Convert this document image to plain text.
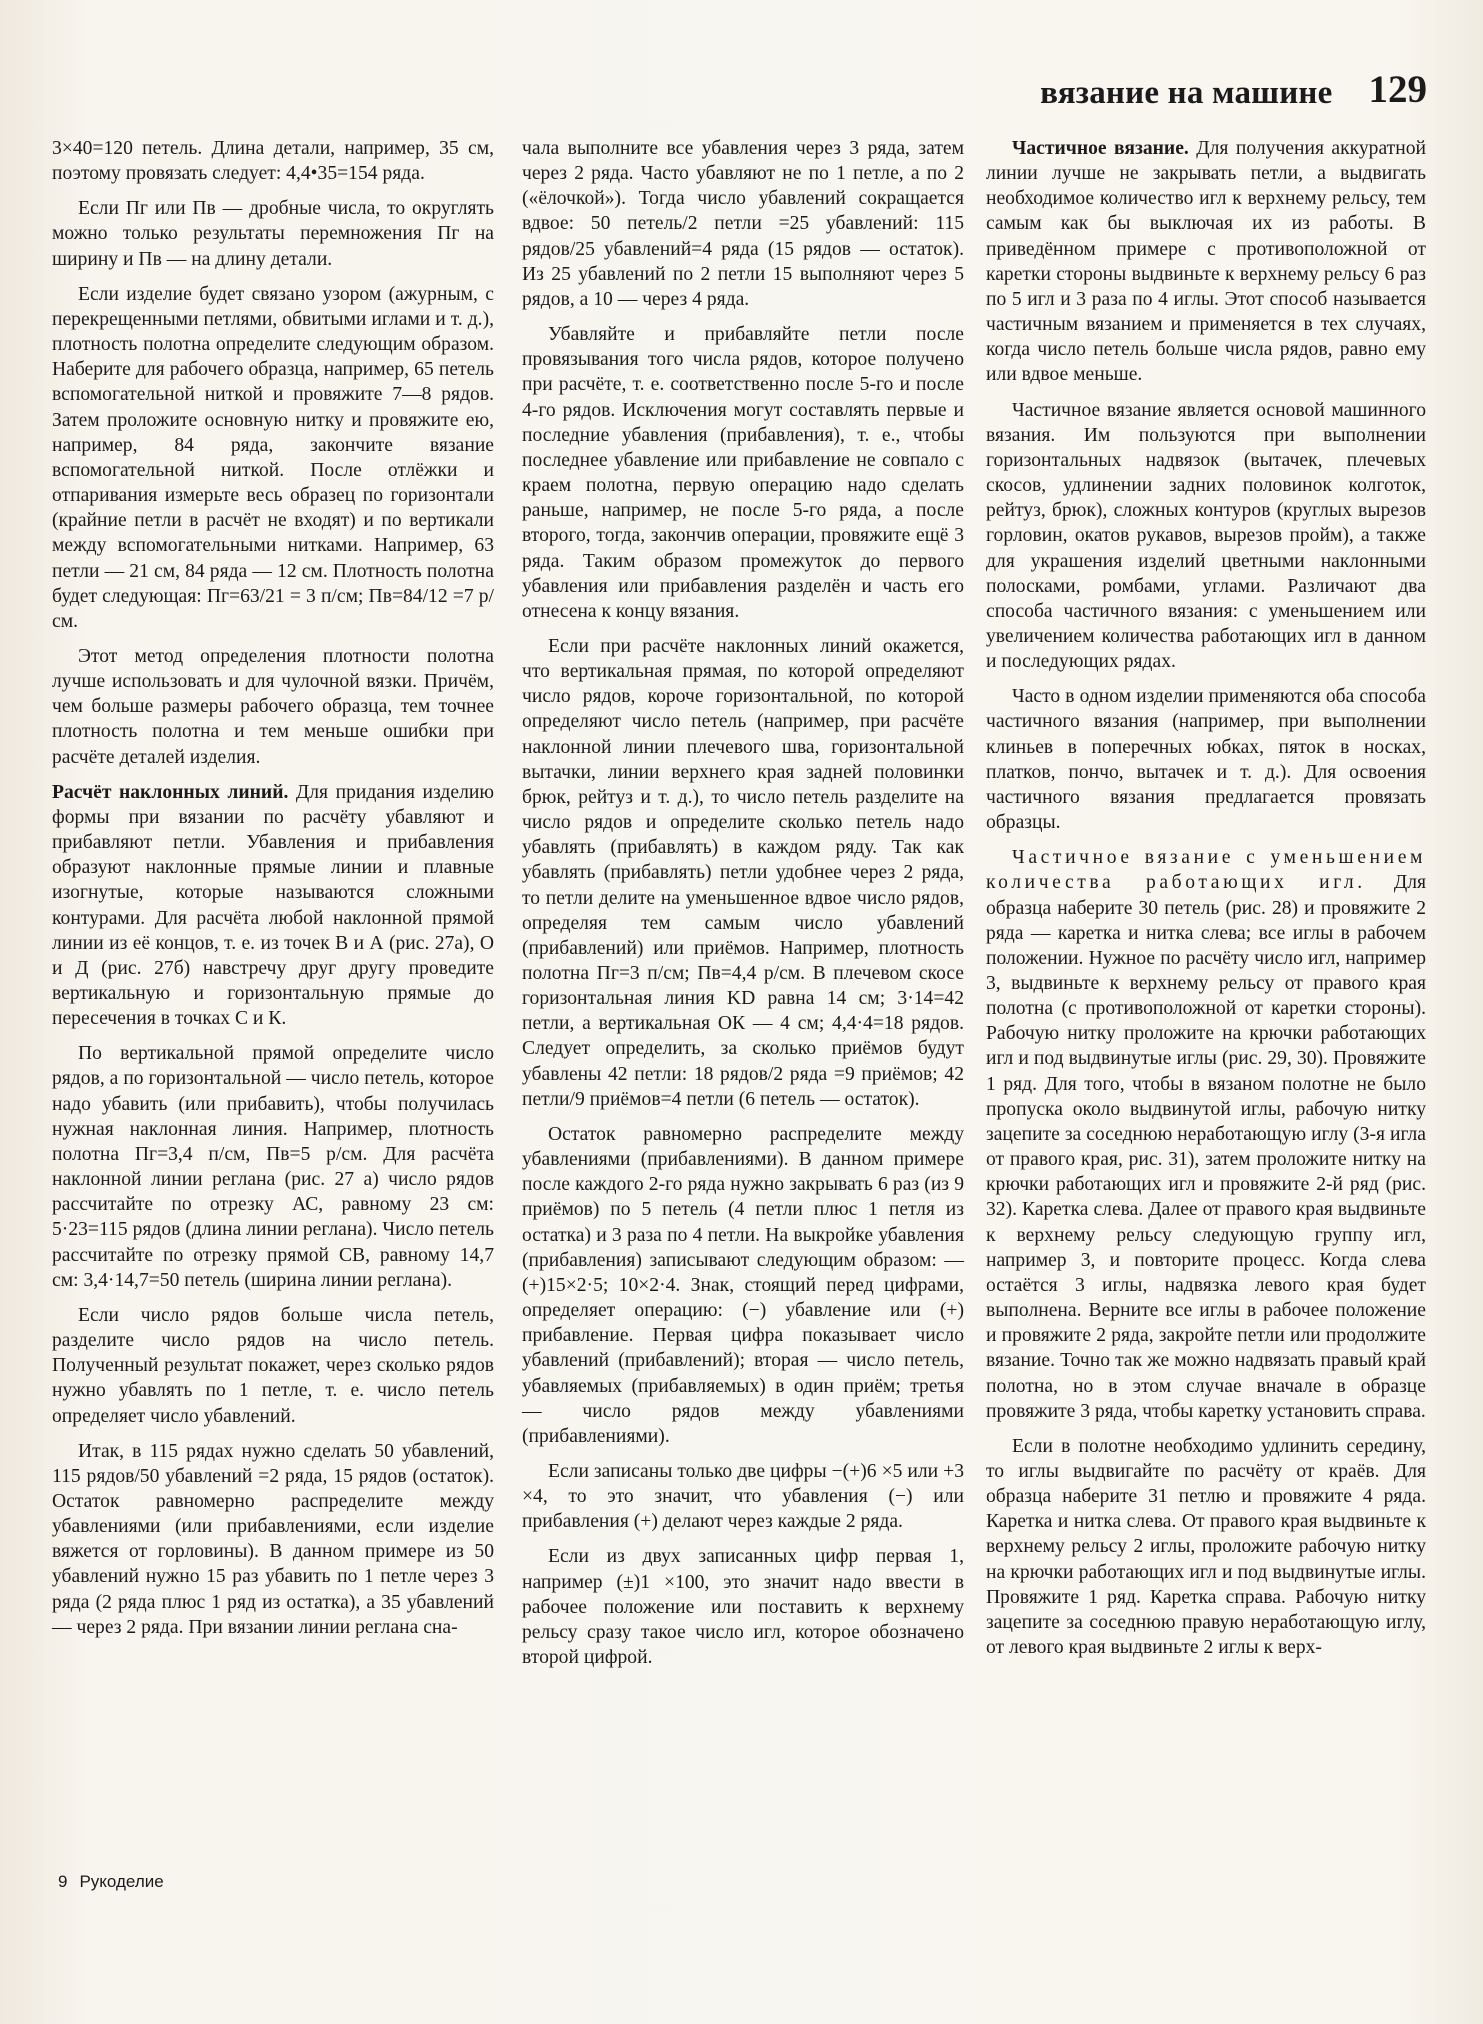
вязание на машине 129

3×40=120 петель. Длина детали, например, 35 см, поэтому провязать следует: 4,4•35=154 ряда.

Если Пг или Пв — дробные числа, то округлять можно только результаты перемножения Пг на ширину и Пв — на длину детали.

Если изделие будет связано узором (ажурным, с перекрещенными петлями, обвитыми иглами и т. д.), плотность полотна определите следующим образом. Наберите для рабочего образца, например, 65 петель вспомогательной ниткой и провяжите 7—8 рядов. Затем проложите основную нитку и провяжите ею, например, 84 ряда, закончите вязание вспомогательной ниткой. После отлёжки и отпаривания измерьте весь образец по горизонтали (крайние петли в расчёт не входят) и по вертикали между вспомогательными нитками. Например, 63 петли — 21 см, 84 ряда — 12 см. Плотность полотна будет следующая: Пг=63/21 = 3 п/см; Пв=84/12 =7 р/см.

Этот метод определения плотности полотна лучше использовать и для чулочной вязки. Причём, чем больше размеры рабочего образца, тем точнее плотность полотна и тем меньше ошибки при расчёте деталей изделия.

Расчёт наклонных линий. Для придания изделию формы при вязании по расчёту убавляют и прибавляют петли. Убавления и прибавления образуют наклонные прямые линии и плавные изогнутые, которые называются сложными контурами. Для расчёта любой наклонной прямой линии из её концов, т. е. из точек В и А (рис. 27а), О и Д (рис. 27б) навстречу друг другу проведите вертикальную и горизонтальную прямые до пересечения в точках С и К.

По вертикальной прямой определите число рядов, а по горизонтальной — число петель, которое надо убавить (или прибавить), чтобы получилась нужная наклонная линия. Например, плотность полотна Пг=3,4 п/см, Пв=5 р/см. Для расчёта наклонной линии реглана (рис. 27 а) число рядов рассчитайте по отрезку АС, равному 23 см: 5·23=115 рядов (длина линии реглана). Число петель рассчитайте по отрезку прямой СВ, равному 14,7 см: 3,4·14,7=50 петель (ширина линии реглана).

Если число рядов больше числа петель, разделите число рядов на число петель. Полученный результат покажет, через сколько рядов нужно убавлять по 1 петле, т. е. число петель определяет число убавлений.

Итак, в 115 рядах нужно сделать 50 убавлений, 115 рядов/50 убавлений =2 ряда, 15 рядов (остаток). Остаток равномерно распределите между убавлениями (или прибавлениями, если изделие вяжется от горловины). В данном примере из 50 убавлений нужно 15 раз убавить по 1 петле через 3 ряда (2 ряда плюс 1 ряд из остатка), а 35 убавлений — через 2 ряда. При вязании линии реглана сна-

чала выполните все убавления через 3 ряда, затем через 2 ряда. Часто убавляют не по 1 петле, а по 2 («ёлочкой»). Тогда число убавлений сокращается вдвое: 50 петель/2 петли =25 убавлений: 115 рядов/25 убавлений=4 ряда (15 рядов — остаток). Из 25 убавлений по 2 петли 15 выполняют через 5 рядов, а 10 — через 4 ряда.

Убавляйте и прибавляйте петли после провязывания того числа рядов, которое получено при расчёте, т. е. соответственно после 5-го и после 4-го рядов. Исключения могут составлять первые и последние убавления (прибавления), т. е., чтобы последнее убавление или прибавление не совпало с краем полотна, первую операцию надо сделать раньше, например, не после 5-го ряда, а после второго, тогда, закончив операции, провяжите ещё 3 ряда. Таким образом промежуток до первого убавления или прибавления разделён и часть его отнесена к концу вязания.

Если при расчёте наклонных линий окажется, что вертикальная прямая, по которой определяют число рядов, короче горизонтальной, по которой определяют число петель (например, при расчёте наклонной линии плечевого шва, горизонтальной вытачки, линии верхнего края задней половинки брюк, рейтуз и т. д.), то число петель разделите на число рядов и определите сколько петель надо убавлять (прибавлять) в каждом ряду. Так как убавлять (прибавлять) петли удобнее через 2 ряда, то петли делите на уменьшенное вдвое число рядов, определяя тем самым число убавлений (прибавлений) или приёмов. Например, плотность полотна Пг=3 п/см; Пв=4,4 р/см. В плечевом скосе горизонтальная линия KD равна 14 см; 3·14=42 петли, а вертикальная ОК — 4 см; 4,4·4=18 рядов. Следует определить, за сколько приёмов будут убавлены 42 петли: 18 рядов/2 ряда =9 приёмов; 42 петли/9 приёмов=4 петли (6 петель — остаток).

Остаток равномерно распределите между убавлениями (прибавлениями). В данном примере после каждого 2-го ряда нужно закрывать 6 раз (из 9 приёмов) по 5 петель (4 петли плюс 1 петля из остатка) и 3 раза по 4 петли. На выкройке убавления (прибавления) записывают следующим образом: —(+)15×2·5; 10×2·4. Знак, стоящий перед цифрами, определяет операцию: (−) убавление или (+) прибавление. Первая цифра показывает число убавлений (прибавлений); вторая — число петель, убавляемых (прибавляемых) в один приём; третья — число рядов между убавлениями (прибавлениями).

Если записаны только две цифры −(+)6 ×5 или +3 ×4, то это значит, что убавления (−) или прибавления (+) делают через каждые 2 ряда.

Если из двух записанных цифр первая 1, например (±)1 ×100, это значит надо ввести в рабочее положение или поставить к верхнему рельсу сразу такое число игл, которое обозначено второй цифрой.

Частичное вязание. Для получения аккуратной линии лучше не закрывать петли, а выдвигать необходимое количество игл к верхнему рельсу, тем самым как бы выключая их из работы. В приведённом примере с противоположной от каретки стороны выдвиньте к верхнему рельсу 6 раз по 5 игл и 3 раза по 4 иглы. Этот способ называется частичным вязанием и применяется в тех случаях, когда число петель больше числа рядов, равно ему или вдвое меньше.

Частичное вязание является основой машинного вязания. Им пользуются при выполнении горизонтальных надвязок (вытачек, плечевых скосов, удлинении задних половинок колготок, рейтуз, брюк), сложных контуров (круглых вырезов горловин, окатов рукавов, вырезов пройм), а также для украшения изделий цветными наклонными полосками, ромбами, углами. Различают два способа частичного вязания: с уменьшением или увеличением количества работающих игл в данном и последующих рядах.

Часто в одном изделии применяются оба способа частичного вязания (например, при выполнении клиньев в поперечных юбках, пяток в носках, платков, пончо, вытачек и т. д.). Для освоения частичного вязания предлагается провязать образцы.

Частичное вязание с уменьшением количества работающих игл. Для образца наберите 30 петель (рис. 28) и провяжите 2 ряда — каретка и нитка слева; все иглы в рабочем положении. Нужное по расчёту число игл, например 3, выдвиньте к верхнему рельсу от правого края полотна (с противоположной от каретки стороны). Рабочую нитку проложите на крючки работающих игл и под выдвинутые иглы (рис. 29, 30). Провяжите 1 ряд. Для того, чтобы в вязаном полотне не было пропуска около выдвинутой иглы, рабочую нитку зацепите за соседнюю неработающую иглу (3-я игла от правого края, рис. 31), затем проложите нитку на крючки работающих игл и провяжите 2-й ряд (рис. 32). Каретка слева. Далее от правого края выдвиньте к верхнему рельсу следующую группу игл, например 3, и повторите процесс. Когда слева остаётся 3 иглы, надвязка левого края будет выполнена. Верните все иглы в рабочее положение и провяжите 2 ряда, закройте петли или продолжите вязание. Точно так же можно надвязать правый край полотна, но в этом случае вначале в образце провяжите 3 ряда, чтобы каретку установить справа.

Если в полотне необходимо удлинить середину, то иглы выдвигайте по расчёту от краёв. Для образца наберите 31 петлю и провяжите 4 ряда. Каретка и нитка слева. От правого края выдвиньте к верхнему рельсу 2 иглы, проложите рабочую нитку на крючки работающих игл и под выдвинутые иглы. Провяжите 1 ряд. Каретка справа. Рабочую нитку зацепите за соседнюю правую неработающую иглу, от левого края выдвиньте 2 иглы к верх-

9 Рукоделие
